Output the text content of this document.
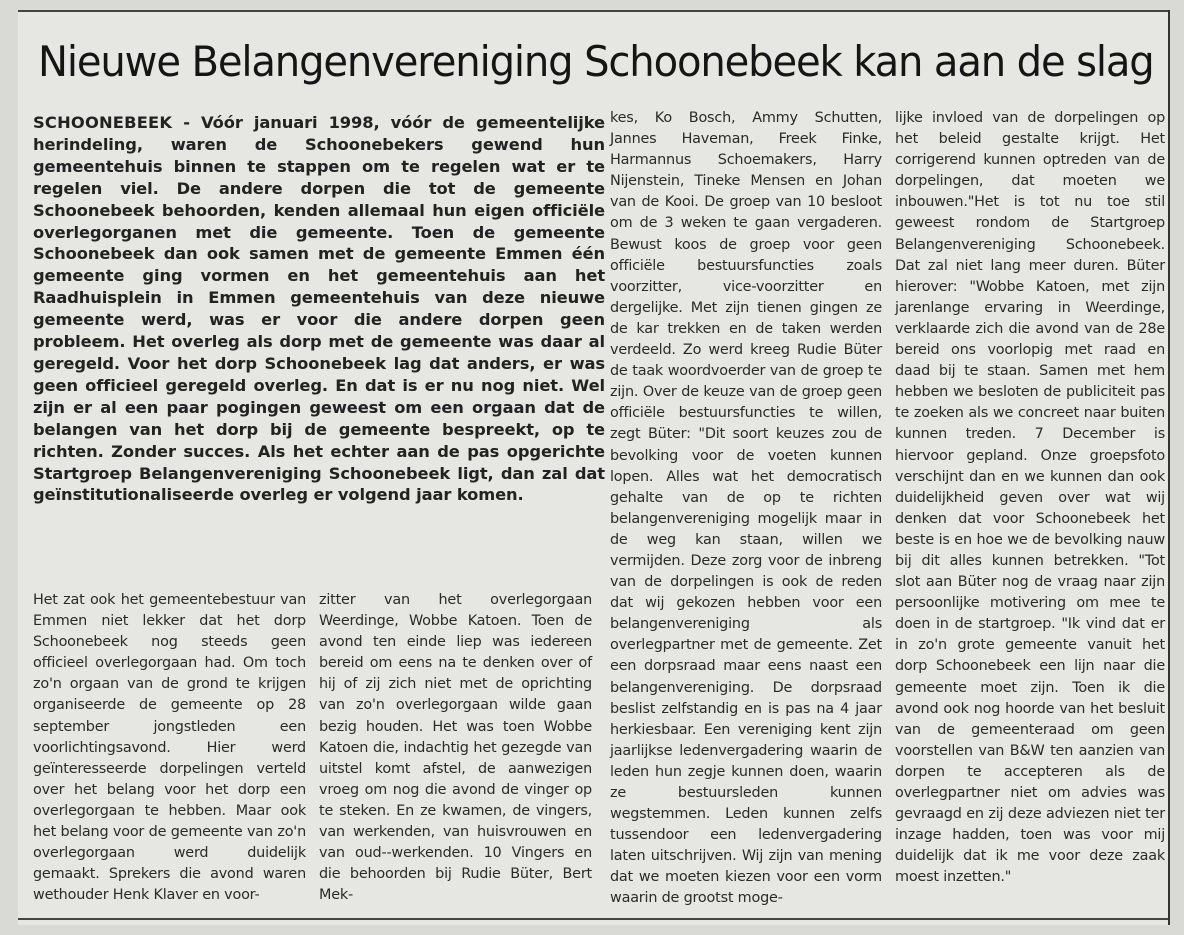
Nieuwe Belangenvereniging Schoonebeek kan aan de slag

SCHOONEBEEK - Vóór januari 1998, vóór de gemeentelijke herindeling, waren de Schoonebekers gewend hun gemeentehuis binnen te stappen om te regelen wat er te regelen viel. De andere dorpen die tot de gemeente Schoonebeek behoorden, kenden allemaal hun eigen officiële overlegorganen met die gemeente. Toen de gemeente Schoonebeek dan ook samen met de gemeente Emmen één gemeente ging vormen en het gemeentehuis aan het Raadhuisplein in Emmen gemeentehuis van deze nieuwe gemeente werd, was er voor die andere dorpen geen probleem. Het overleg als dorp met de gemeente was daar al geregeld. Voor het dorp Schoonebeek lag dat anders, er was geen officieel geregeld overleg. En dat is er nu nog niet. Wel zijn er al een paar pogingen geweest om een orgaan dat de belangen van het dorp bij de gemeente bespreekt, op te richten. Zonder succes. Als het echter aan de pas opgerichte Startgroep Belangenvereniging Schoonebeek ligt, dan zal dat geïnstitutionaliseerde overleg er volgend jaar komen.

Het zat ook het gemeentebestuur van Emmen niet lekker dat het dorp Schoonebeek nog steeds geen officieel overlegorgaan had. Om toch zo'n orgaan van de grond te krijgen organiseerde de gemeente op 28 september jongstleden een voorlichtingsavond. Hier werd geïnteresseerde dorpelingen verteld over het belang voor het dorp een overlegorgaan te hebben. Maar ook het belang voor de gemeente van zo'n overlegorgaan werd duidelijk gemaakt. Sprekers die avond waren wethouder Henk Klaver en voor-

zitter van het overlegorgaan Weerdinge, Wobbe Katoen. Toen de avond ten einde liep was iedereen bereid om eens na te denken over of hij of zij zich niet met de oprichting van zo'n overlegorgaan wilde gaan bezig houden. Het was toen Wobbe Katoen die, indachtig het gezegde van uitstel komt afstel, de aanwezigen vroeg om nog die avond de vinger op te steken. En ze kwamen, de vingers, van werkenden, van huisvrouwen en van oud--werkenden. 10 Vingers en die behoorden bij Rudie Büter, Bert Mek-

kes, Ko Bosch, Ammy Schutten, Jannes Haveman, Freek Finke, Harmannus Schoemakers, Harry Nijenstein, Tineke Mensen en Johan van de Kooi. De groep van 10 besloot om de 3 weken te gaan vergaderen. Bewust koos de groep voor geen officiële bestuursfuncties zoals voorzitter, vice-voorzitter en dergelijke. Met zijn tienen gingen ze de kar trekken en de taken werden verdeeld. Zo werd kreeg Rudie Büter de taak woordvoerder van de groep te zijn. Over de keuze van de groep geen officiële bestuursfuncties te willen, zegt Büter: "Dit soort keuzes zou de bevolking voor de voeten kunnen lopen. Alles wat het democratisch gehalte van de op te richten belangenvereniging mogelijk maar in de weg kan staan, willen we vermijden. Deze zorg voor de inbreng van de dorpelingen is ook de reden dat wij gekozen hebben voor een belangenvereniging als overlegpartner met de gemeente. Zet een dorpsraad maar eens naast een belangenvereniging. De dorpsraad beslist zelfstandig en is pas na 4 jaar herkiesbaar. Een vereniging kent zijn jaarlijkse ledenvergadering waarin de leden hun zegje kunnen doen, waarin ze bestuursleden kunnen wegstemmen. Leden kunnen zelfs tussendoor een ledenvergadering laten uitschrijven. Wij zijn van mening dat we moeten kiezen voor een vorm waarin de grootst moge-

lijke invloed van de dorpelingen op het beleid gestalte krijgt. Het corrigerend kunnen optreden van de dorpelingen, dat moeten we inbouwen."Het is tot nu toe stil geweest rondom de Startgroep Belangenvereniging Schoonebeek. Dat zal niet lang meer duren. Büter hierover: "Wobbe Katoen, met zijn jarenlange ervaring in Weerdinge, verklaarde zich die avond van de 28e bereid ons voorlopig met raad en daad bij te staan. Samen met hem hebben we besloten de publiciteit pas te zoeken als we concreet naar buiten kunnen treden. 7 December is hiervoor gepland. Onze groepsfoto verschijnt dan en we kunnen dan ook duidelijkheid geven over wat wij denken dat voor Schoonebeek het beste is en hoe we de bevolking nauw bij dit alles kunnen betrekken. "Tot slot aan Büter nog de vraag naar zijn persoonlijke motivering om mee te doen in de startgroep. "Ik vind dat er in zo'n grote gemeente vanuit het dorp Schoonebeek een lijn naar die gemeente moet zijn. Toen ik die avond ook nog hoorde van het besluit van de gemeenteraad om geen voorstellen van B&W ten aanzien van dorpen te accepteren als de overlegpartner niet om advies was gevraagd en zij deze adviezen niet ter inzage hadden, toen was voor mij duidelijk dat ik me voor deze zaak moest inzetten."
